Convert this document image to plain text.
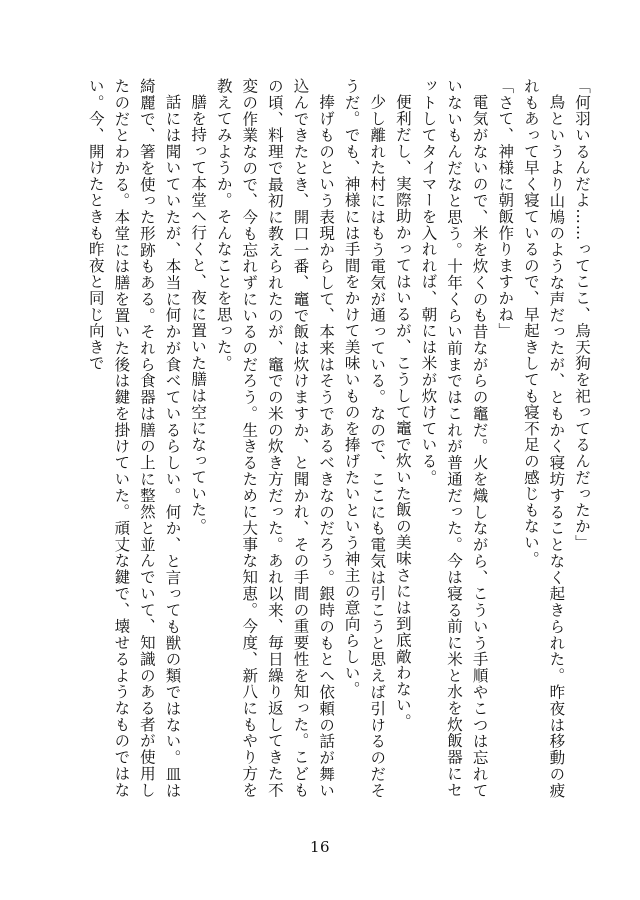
「何羽いるんだよ……ってここ、烏天狗を祀ってるんだったか」

鳥というより山鳩のような声だったが、ともかく寝坊することなく起きられた。昨夜は移動の疲れもあって早く寝ているので、早起きしても寝不足の感じもない。

「さて、神様に朝飯作りますかね」

電気がないので、米を炊くのも昔ながらの竈だ。火を熾しながら、こういう手順やこつは忘れていないもんだなと思う。十年くらい前まではこれが普通だった。今は寝る前に米と水を炊飯器にセットしてタイマーを入れれば、朝には米が炊けている。

便利だし、実際助かってはいるが、こうして竈で炊いた飯の美味さには到底敵わない。

少し離れた村にはもう電気が通っている。なので、ここにも電気は引こうと思えば引けるのだそうだ。でも、神様には手間をかけて美味いものを捧げたいという神主の意向らしい。

捧げものという表現からして、本来はそうであるべきなのだろう。銀時のもとへ依頼の話が舞い込んできたとき、開口一番、竈で飯は炊けますか、と聞かれ、その手間の重要性を知った。こどもの頃、料理で最初に教えられたのが、竈での米の炊き方だった。あれ以来、毎日繰り返してきた不変の作業なので、今も忘れずにいるのだろう。生きるために大事な知恵。今度、新八にもやり方を教えてみようか。そんなことを思った。

膳を持って本堂へ行くと、夜に置いた膳は空になっていた。

話には聞いていたが、本当に何かが食べているらしい。何か、と言っても獣の類ではない。皿は綺麗で、箸を使った形跡もある。それら食器は膳の上に整然と並んでいて、知識のある者が使用したのだとわかる。本堂には膳を置いた後は鍵を掛けていた。頑丈な鍵で、壊せるようなものではない。今、開けたときも昨夜と同じ向きで

16
